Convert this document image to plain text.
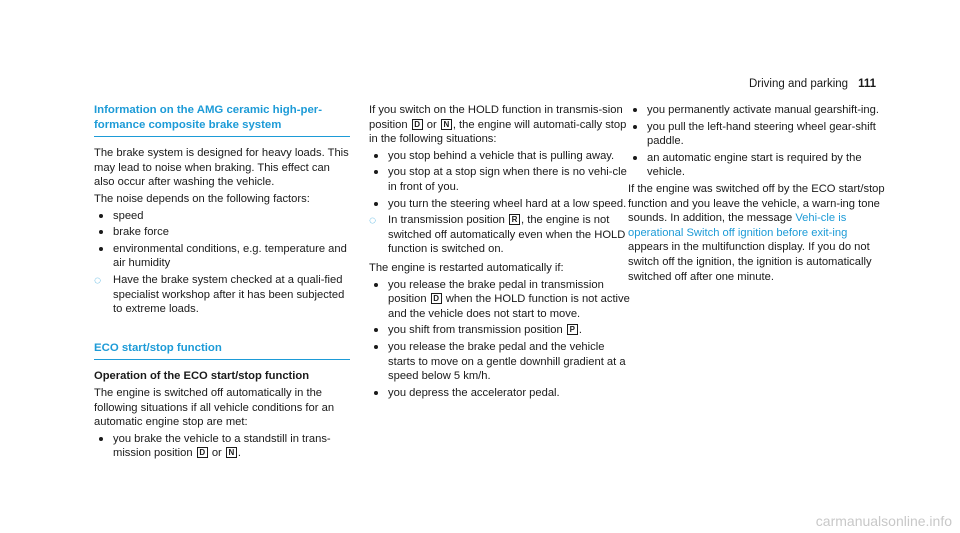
Driving and parking 111
Information on the AMG ceramic high-per-formance composite brake system

The brake system is designed for heavy loads. This may lead to noise when braking. This effect can also occur after washing the vehicle.

The noise depends on the following factors:

speed
brake force
environmental conditions, e.g. temperature and air humidity
◌ Have the brake system checked at a quali-fied specialist workshop after it has been subjected to extreme loads.
ECO start/stop function
Operation of the ECO start/stop function

The engine is switched off automatically in the following situations if all vehicle conditions for an automatic engine stop are met:

you brake the vehicle to a standstill in trans-mission position D or N .

If you switch on the HOLD function in transmis-sion position D or N , the engine will automati-cally stop in the following situations:

you stop behind a vehicle that is pulling away.
you stop at a stop sign when there is no vehi-cle in front of you.
you turn the steering wheel hard at a low speed.
◌ In transmission position R , the engine is not switched off automatically even when the HOLD function is switched on.

The engine is restarted automatically if:

you release the brake pedal in transmission position D when the HOLD function is not active and the vehicle does not start to move.
you shift from transmission position P .
you release the brake pedal and the vehicle starts to move on a gentle downhill gradient at a speed below 5 km/h.
you depress the accelerator pedal.
you permanently activate manual gearshift-ing.
you pull the left-hand steering wheel gear-shift paddle.
an automatic engine start is required by the vehicle.

If the engine was switched off by the ECO start/stop function and you leave the vehicle, a warn-ing tone sounds. In addition, the message Vehi-cle is operational Switch off ignition before exit-ing appears in the multifunction display. If you do not switch off the ignition, the ignition is automatically switched off after one minute.

carmanualsonline.info
